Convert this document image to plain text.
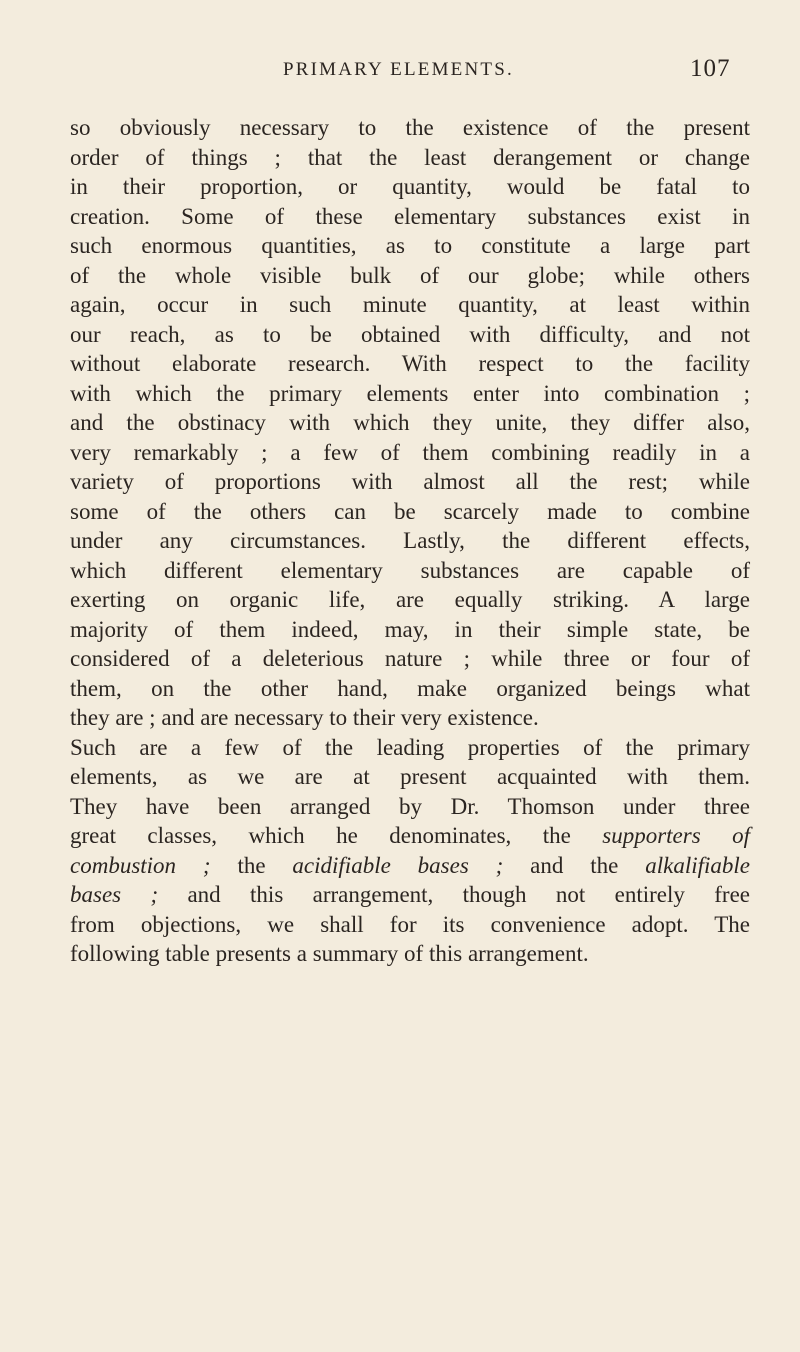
PRIMARY ELEMENTS.	107
so obviously necessary to the existence of the present
order of things ; that the least derangement or change
in their proportion, or quantity, would be fatal to
creation. Some of these elementary substances exist in
such enormous quantities, as to constitute a large part
of the whole visible bulk of our globe; while others
again, occur in such minute quantity, at least within
our reach, as to be obtained with difficulty, and not
without elaborate research. With respect to the facility
with which the primary elements enter into combination ;
and the obstinacy with which they unite, they differ also,
very remarkably ; a few of them combining readily in a
variety of proportions with almost all the rest; while
some of the others can be scarcely made to combine
under any circumstances. Lastly, the different effects,
which different elementary substances are capable of
exerting on organic life, are equally striking. A large
majority of them indeed, may, in their simple state, be
considered of a deleterious nature ; while three or four of
them, on the other hand, make organized beings what
they are ; and are necessary to their very existence.
Such are a few of the leading properties of the primary
elements, as we are at present acquainted with them.
They have been arranged by Dr. Thomson under three
great classes, which he denominates, the supporters of
combustion ; the acidifiable bases ; and the alkalifiable
bases ; and this arrangement, though not entirely free
from objections, we shall for its convenience adopt. The
following table presents a summary of this arrangement.
